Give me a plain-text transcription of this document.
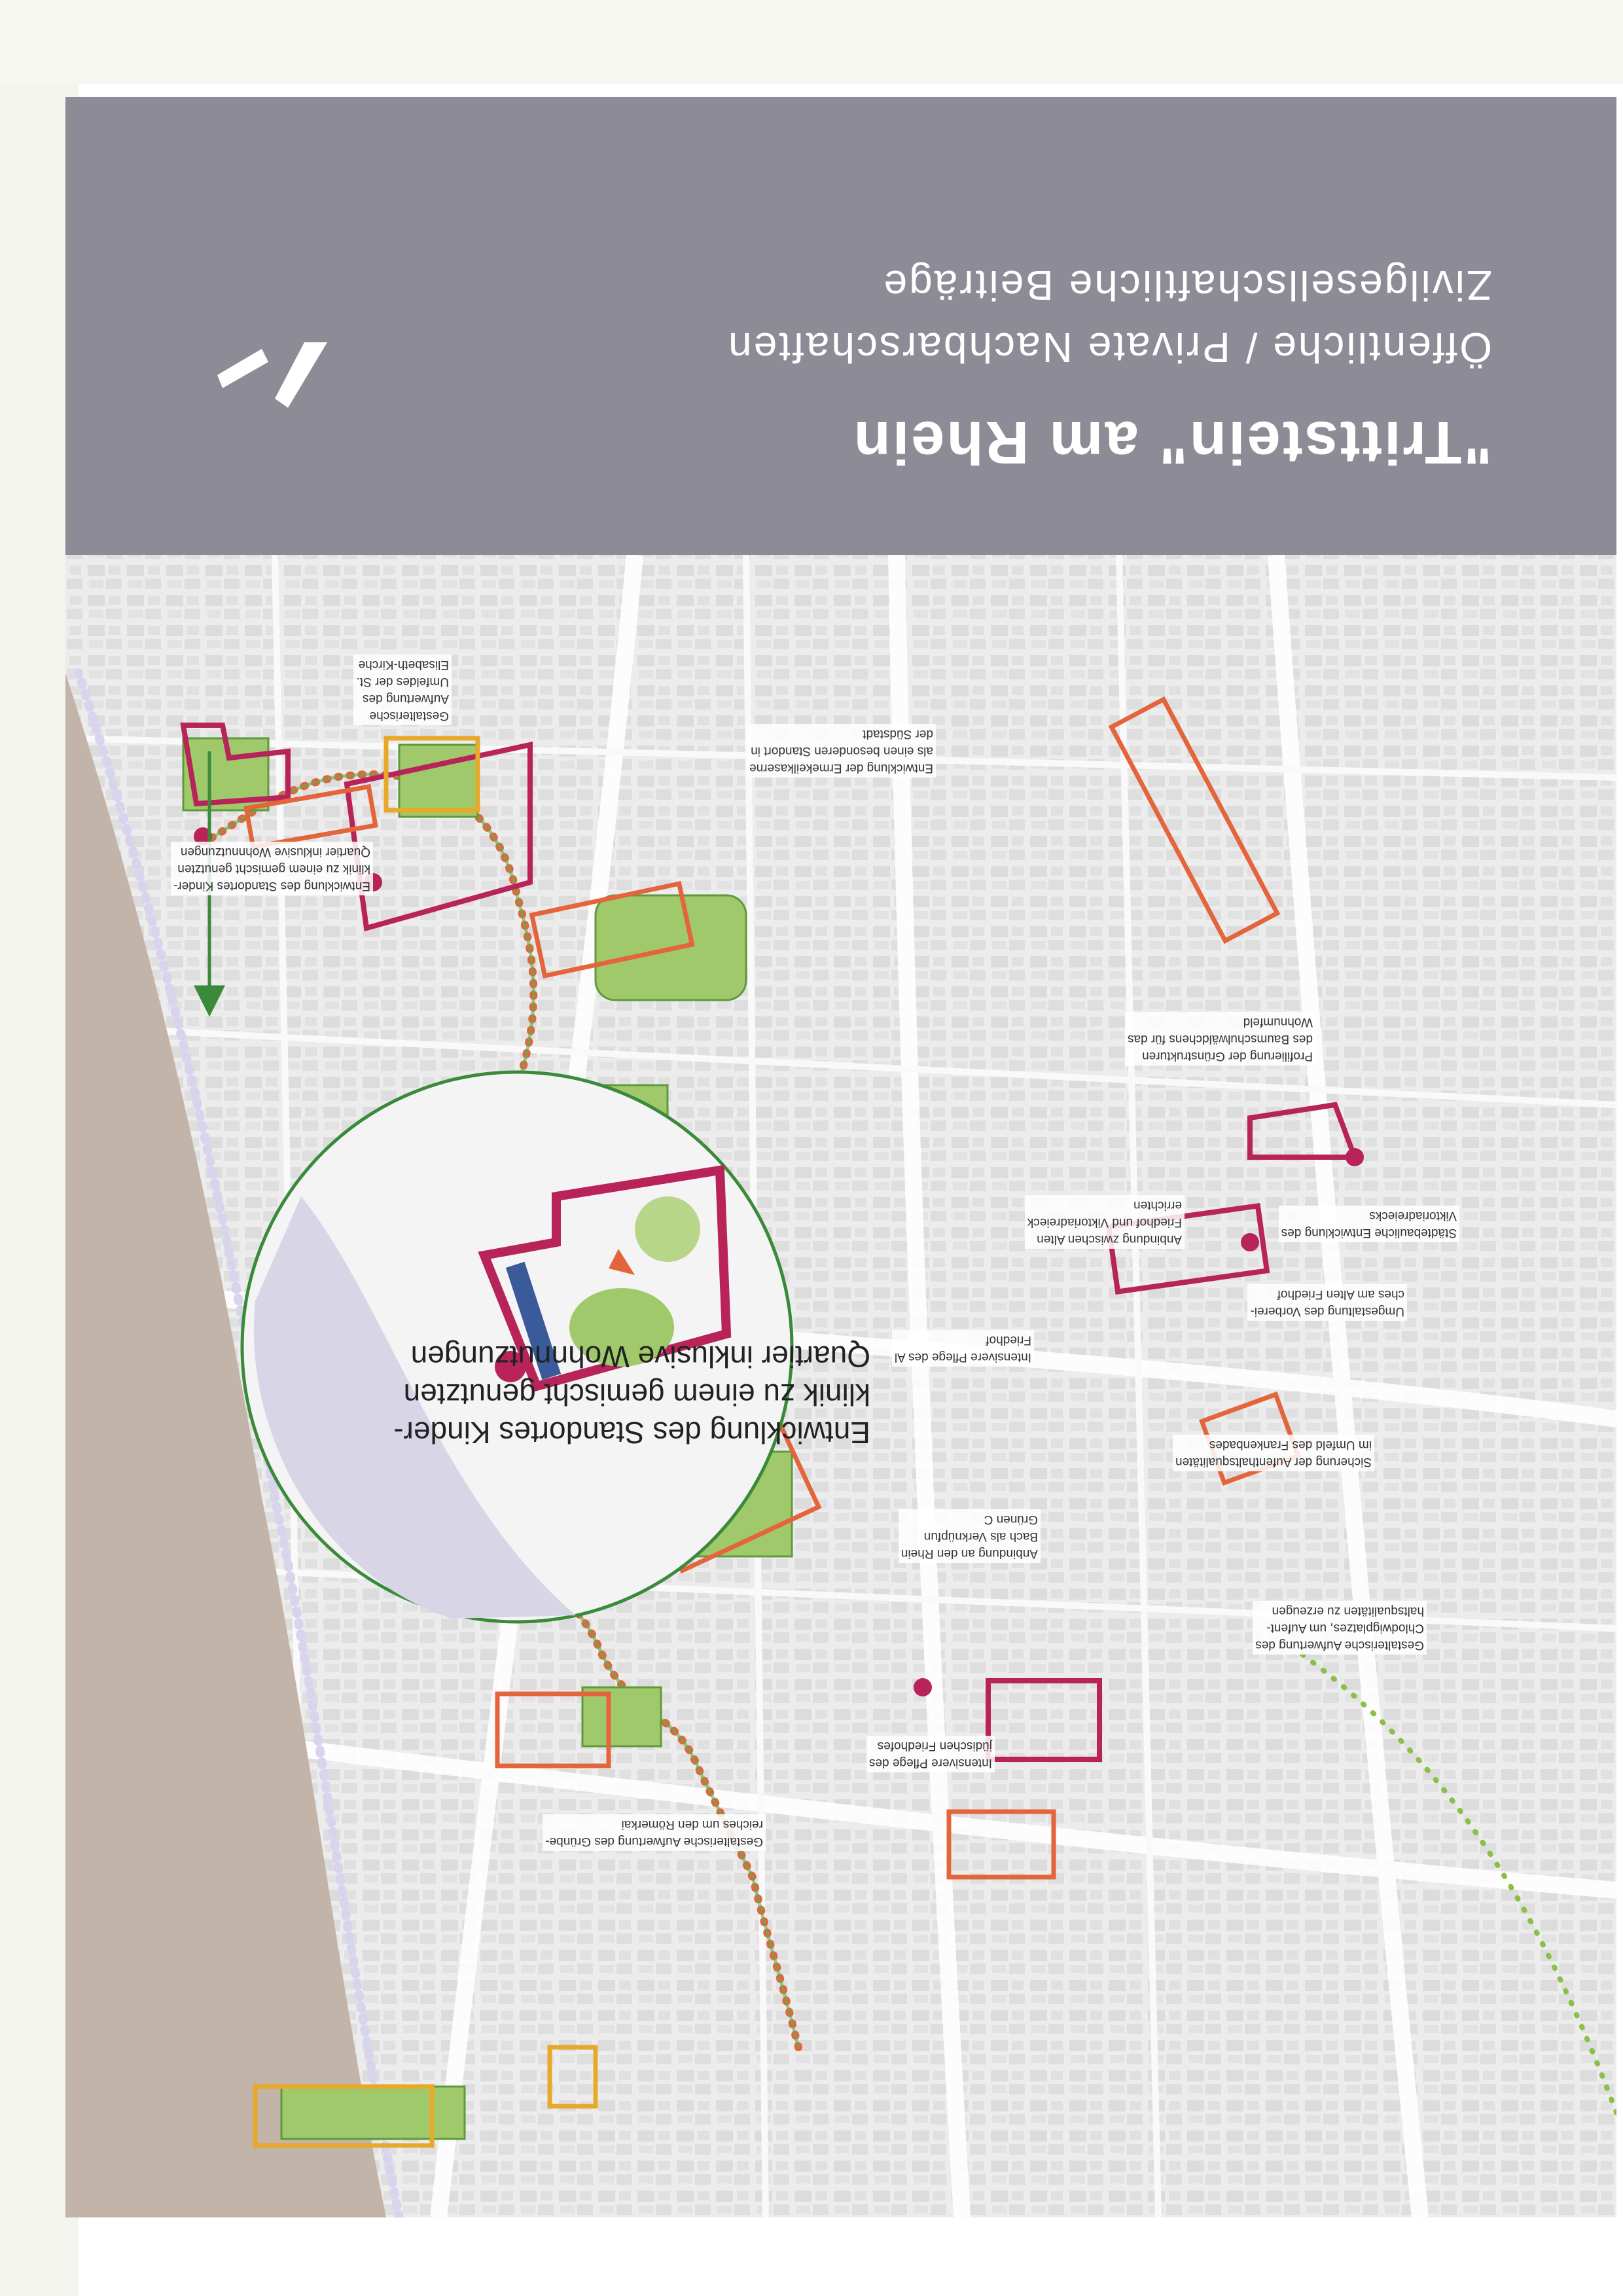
Entwicklung des Standortes Kinder-
klinik zu einem gemischt genutzten
Quartier inklusive Wohnnutzungen
Entwicklung der Ermekeilkaserne
als einen besonderen Standort in
der Südstadt
Gestalterische
Aufwertung des
Umfeldes der St.
Elisabeth-Kirche
Entwicklung des Standortes Kinder-
klinik zu einem gemischt genutzten
Quartier inklusive Wohnnutzungen
Profilierung der Grünstrukturen
des Baumschulwäldchens für das
Wohnumfeld
Städtebauliche Entwicklung des
Viktoriadreiecks
Anbindung zwischen Alten
Friedhof und Viktoriadreieck
errichten
Umgestaltung des Vorberei-
ches am Alten Friedhof
Intensivere Pflege des Al
Friedhof
Sicherung der Aufenthaltsqualitäten
im Umfeld des Frankenbades
Anbindung an den Rhein
Bach als Verknüpfun
Grünen C
Gestalterische Aufwertung des
Chlodwigplatzes, um Aufent-
haltsqualitäten zu erzeugen
Intensivere Pflege des
jüdischen Friedhofes
Gestalterische Aufwertung des Grünbe-
reiches um den Römerkai
"Trittstein" am Rhein
Öffentliche / Private Nachbarschaften
Zivilgesellschaftliche Beiträge
